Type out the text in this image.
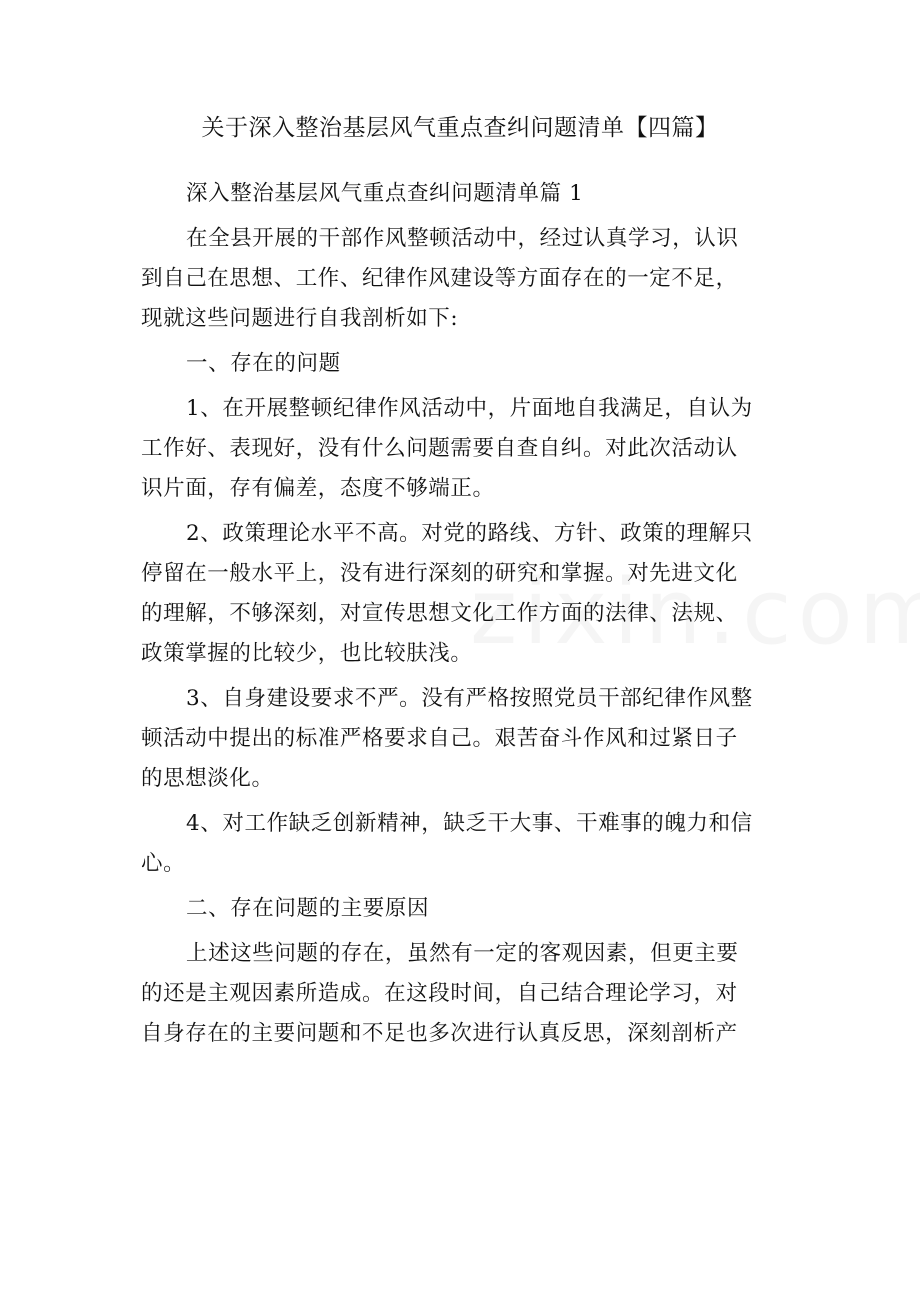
关于深入整治基层风气重点查纠问题清单【四篇】
深入整治基层风气重点查纠问题清单篇 1
在全县开展的干部作风整顿活动中，经过认真学习，认识
到自己在思想、工作、纪律作风建设等方面存在的一定不足，
现就这些问题进行自我剖析如下:
一、存在的问题
1、在开展整顿纪律作风活动中，片面地自我满足，自认为
工作好、表现好，没有什么问题需要自查自纠。对此次活动认
识片面，存有偏差，态度不够端正。
2、政策理论水平不高。对党的路线、方针、政策的理解只
停留在一般水平上，没有进行深刻的研究和掌握。对先进文化
的理解，不够深刻，对宣传思想文化工作方面的法律、法规、
政策掌握的比较少，也比较肤浅。
3、自身建设要求不严。没有严格按照党员干部纪律作风整
顿活动中提出的标准严格要求自己。艰苦奋斗作风和过紧日子
的思想淡化。
4、对工作缺乏创新精神，缺乏干大事、干难事的魄力和信
心。
二、存在问题的主要原因
上述这些问题的存在，虽然有一定的客观因素，但更主要
的还是主观因素所造成。在这段时间，自己结合理论学习，对
自身存在的主要问题和不足也多次进行认真反思，深刻剖析产
